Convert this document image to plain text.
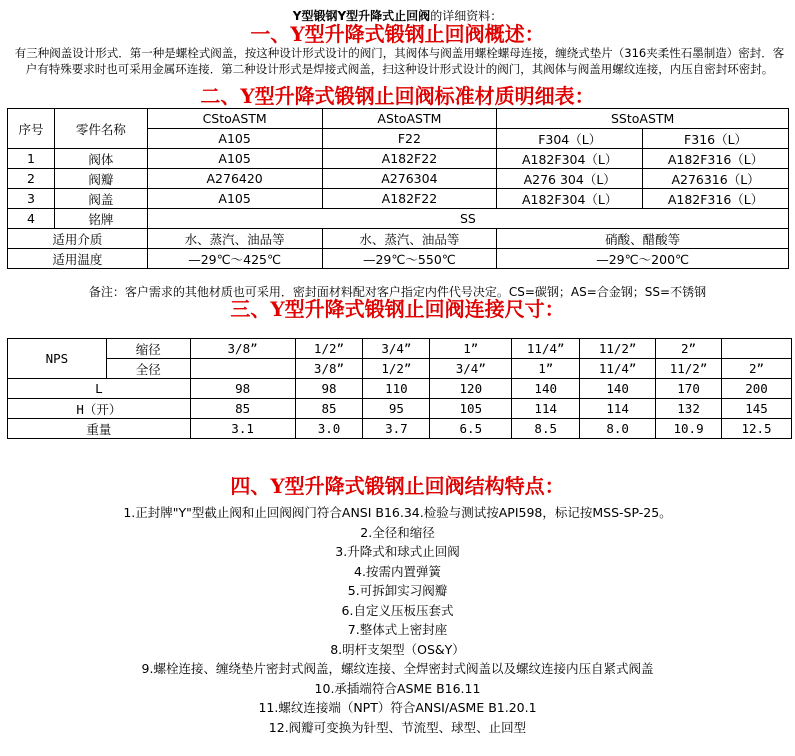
Y型锻钢Y型升降式止回阀的详细资料：
一、Y型升降式锻钢止回阀概述：
有三种阀盖设计形式．第一种是螺栓式阀盖，按这种设计形式设计的阀门，其阀体与阀盖用螺栓螺母连接，缠绕式垫片（316夹柔性石墨制造）密封．客户有特殊要求时也可采用金属环连接．第二种设计形式是焊接式阀盖，扫这种设计形式设计的阀门，其阀体与阀盖用螺纹连接，内压自密封环密封。
二、Y型升降式锻钢止回阀标准材质明细表：
序号	零件名称	CStoASTM	AStoASTM	SStoASTM	
		A105	F22	F304（L）	F316（L）
1	阀体	A105	A182F22	A182F304（L）	A182F316（L）
2	阀瓣	A276420	A276304	A276 304（L）	A276316（L）
3	阀盖	A105	A182F22	A182F304（L）	A182F316（L）
4	铭牌	SS			
适用介质		水、蒸汽、油品等	水、蒸汽、油品等	硝酸、醋酸等	
适用温度		—29℃～425℃	—29℃～550℃	—29℃～200℃	
备注：客户需求的其他材质也可采用．密封面材料配对客户指定内件代号决定。CS=碳钢；AS=合金钢；SS=不锈钢
三、Y型升降式锻钢止回阀连接尺寸：
NPS	缩径	3/8”	1/2”	3/4”	1”	11/4”	11/2”	2”	
	全径		3/8”	1/2”	3/4”	1”	11/4”	11/2”	2”
L		98	98	110	120	140	140	170	200
H（开）		85	85	95	105	114	114	132	145
重量		3.1	3.0	3.7	6.5	8.5	8.0	10.9	12.5
四、Y型升降式锻钢止回阀结构特点：
1.正封牌"Y"型截止阀和止回阀阀门符合ANSI B16.34.检验与测试按API598，标记按MSS-SP-25。
2.全径和缩径
3.升降式和球式止回阀
4.按需内置弹簧
5.可拆卸实习阀瓣
6.自定义压板压套式
7.整体式上密封座
8.明杆支架型（OS&Y）
9.螺栓连接、缠绕垫片密封式阀盖，螺纹连接、全焊密封式阀盖以及螺纹连接内压自紧式阀盖
10.承插端符合ASME B16.11
11.螺纹连接端（NPT）符合ANSI/ASME B1.20.1
12.阀瓣可变换为针型、节流型、球型、止回型
